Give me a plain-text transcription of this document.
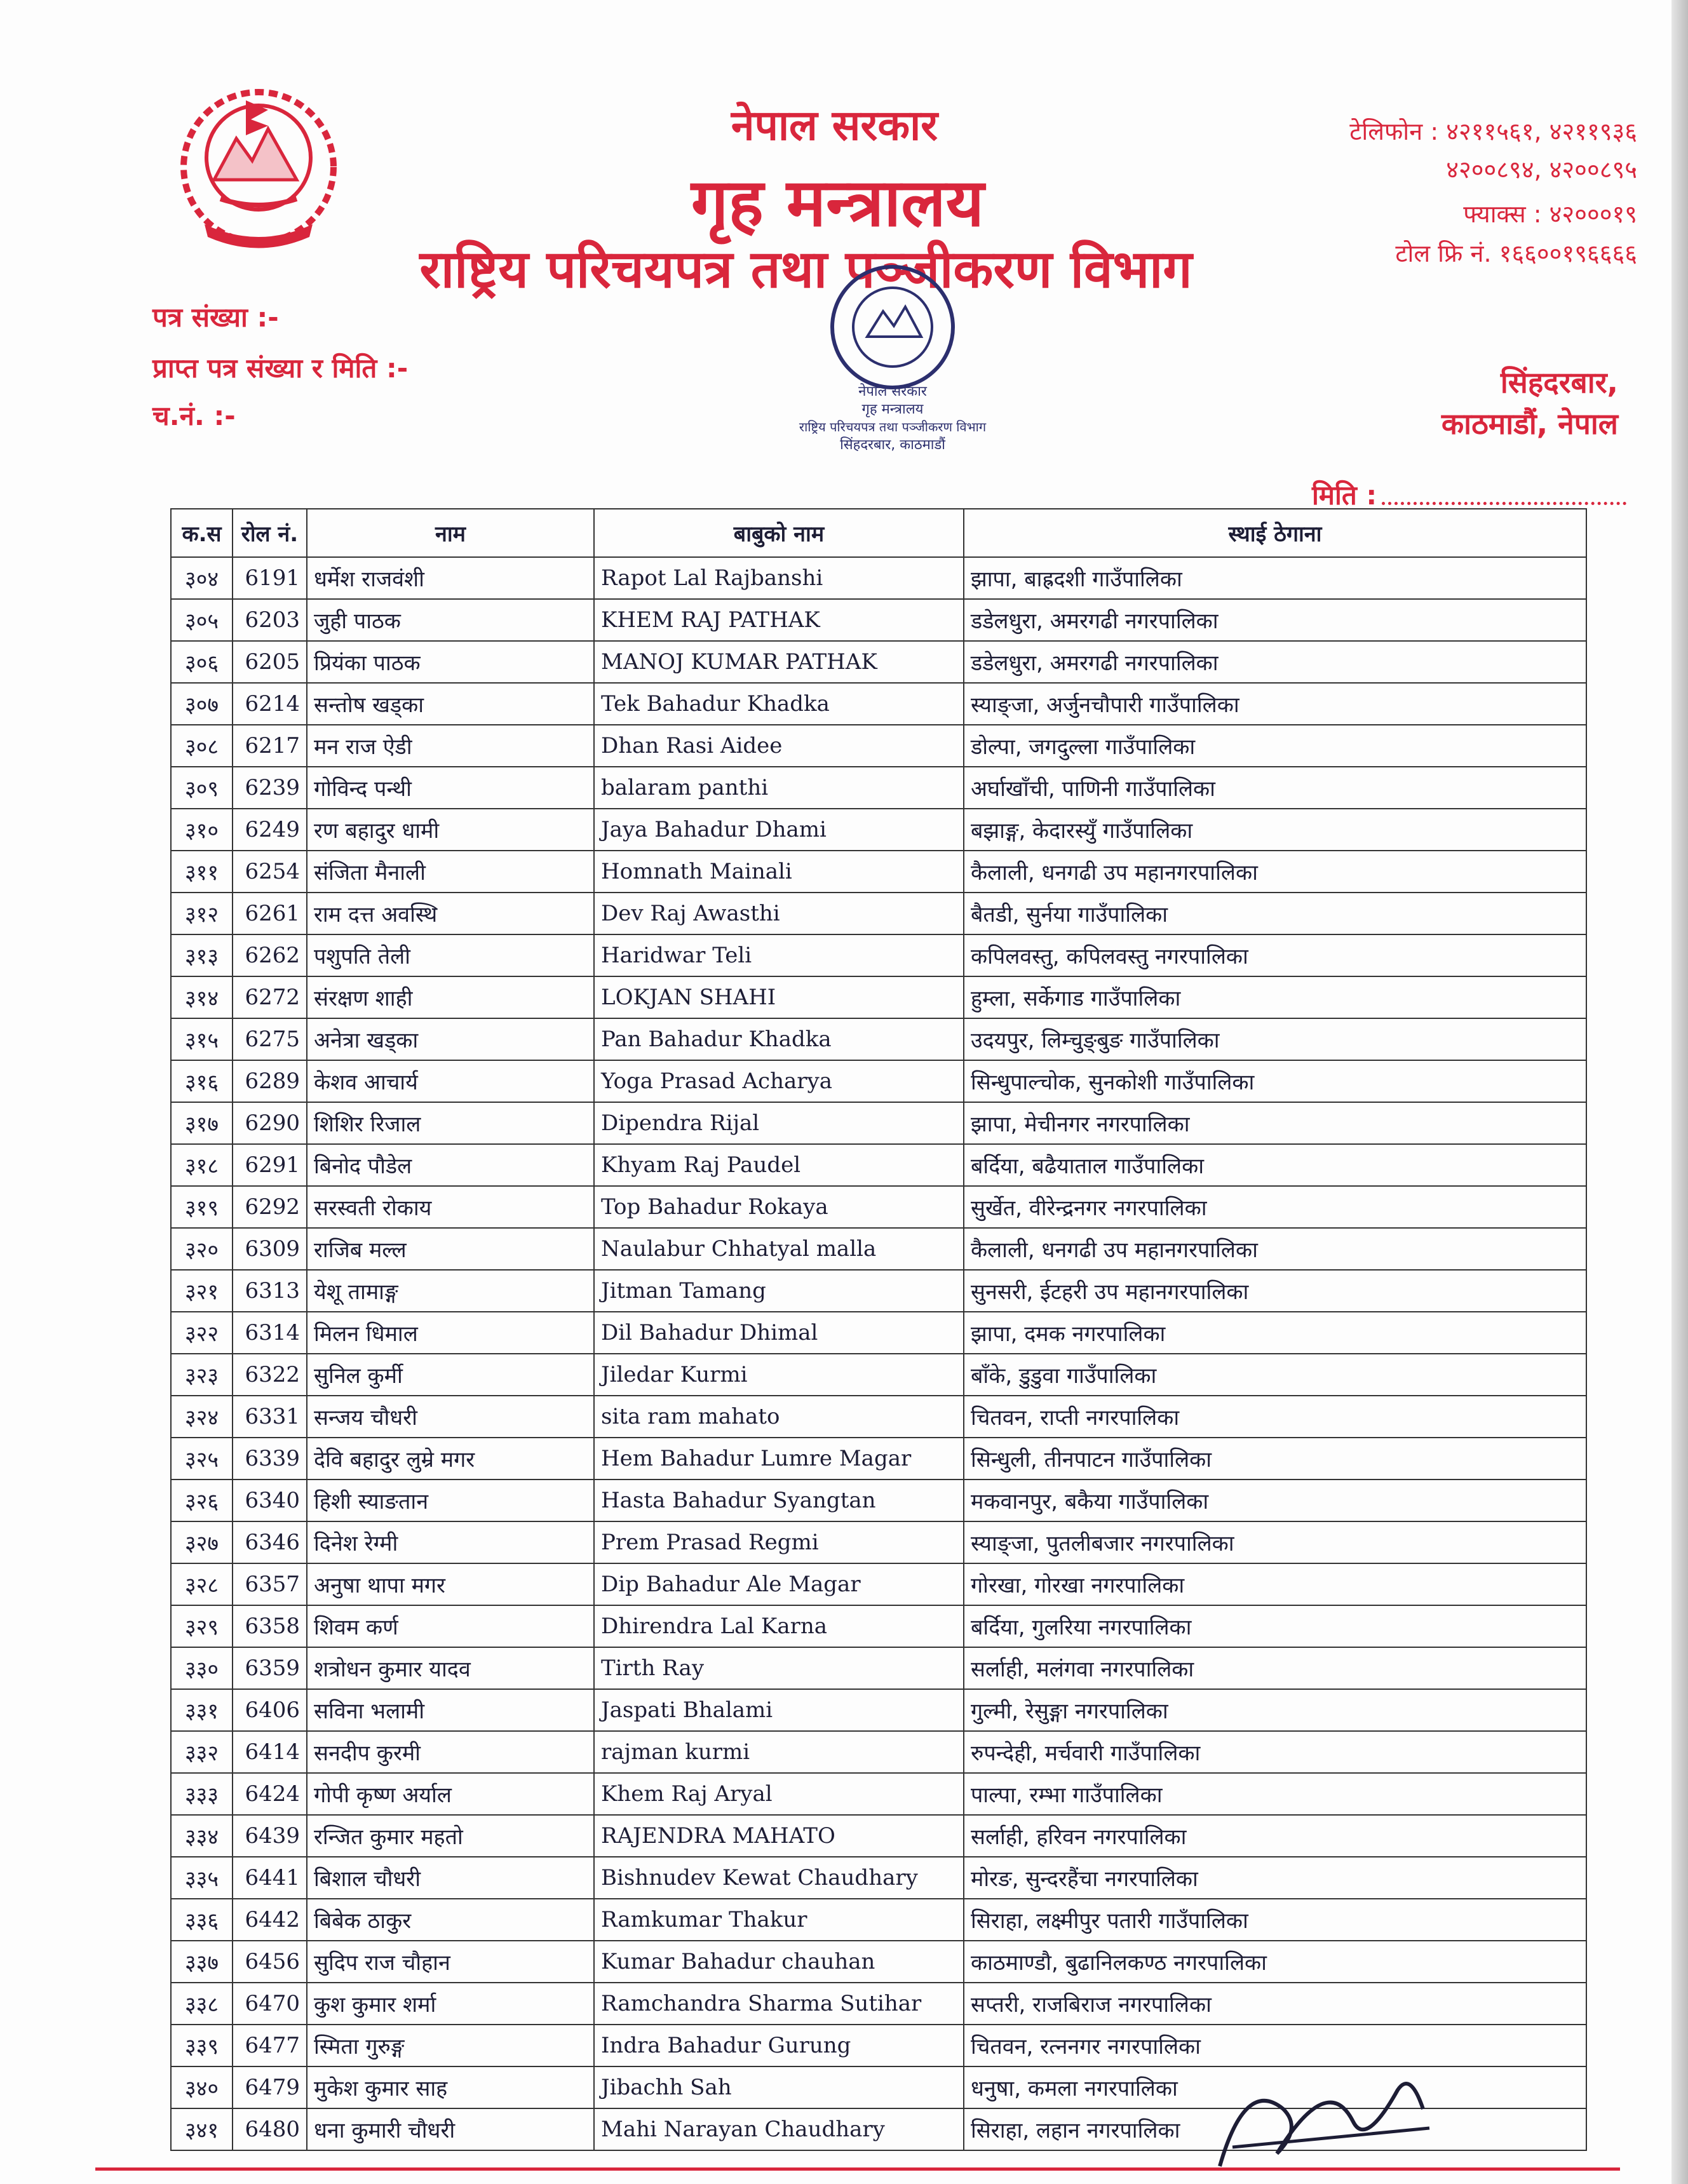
नेपाल सरकार
गृह मन्त्रालय
राष्ट्रिय परिचयपत्र तथा पञ्जीकरण विभाग
टेलिफोन : ४२११५६१, ४२११९३६
४२००८९४, ४२००८९५
फ्याक्स : ४२०००१९
टोल फ्रि नं. १६६००१९६६६६
पत्र संख्या :-
प्राप्त पत्र संख्या र मिति :-
च.नं. :-
नेपाल सरकार
गृह मन्त्रालय
राष्ट्रिय परिचयपत्र तथा पञ्जीकरण विभाग
सिंहदरबार, काठमाडौं
सिंहदरबार,
काठमाडौं, नेपाल
मिति :
क.स	रोल नं.	नाम	बाबुको नाम	स्थाई ठेगाना
३०४	6191	धर्मेश राजवंशी	Rapot Lal Rajbanshi	झापा, बाह्रदशी गाउँपालिका
३०५	6203	जुही पाठक	KHEM RAJ PATHAK	डडेलधुरा, अमरगढी नगरपालिका
३०६	6205	प्रियंका पाठक	MANOJ KUMAR PATHAK	डडेलधुरा, अमरगढी नगरपालिका
३०७	6214	सन्तोष खड्का	Tek Bahadur Khadka	स्याङ्जा, अर्जुनचौपारी गाउँपालिका
३०८	6217	मन राज ऐडी	Dhan Rasi Aidee	डोल्पा, जगदुल्ला गाउँपालिका
३०९	6239	गोविन्द पन्थी	balaram panthi	अर्घाखाँची, पाणिनी गाउँपालिका
३१०	6249	रण बहादुर धामी	Jaya Bahadur Dhami	बझाङ्ग, केदारस्युँ गाउँपालिका
३११	6254	संजिता मैनाली	Homnath Mainali	कैलाली, धनगढी उप महानगरपालिका
३१२	6261	राम दत्त अवस्थि	Dev Raj Awasthi	बैतडी, सुर्नया गाउँपालिका
३१३	6262	पशुपति तेली	Haridwar Teli	कपिलवस्तु, कपिलवस्तु नगरपालिका
३१४	6272	संरक्षण शाही	LOKJAN SHAHI	हुम्ला, सर्केगाड गाउँपालिका
३१५	6275	अनेत्रा खड्का	Pan Bahadur Khadka	उदयपुर, लिम्चुङ्बुङ गाउँपालिका
३१६	6289	केशव आचार्य	Yoga Prasad Acharya	सिन्धुपाल्चोक, सुनकोशी गाउँपालिका
३१७	6290	शिशिर रिजाल	Dipendra Rijal	झापा, मेचीनगर नगरपालिका
३१८	6291	बिनोद पौडेल	Khyam Raj Paudel	बर्दिया, बढैयाताल गाउँपालिका
३१९	6292	सरस्वती रोकाय	Top Bahadur Rokaya	सुर्खेत, वीरेन्द्रनगर नगरपालिका
३२०	6309	राजिब मल्ल	Naulabur Chhatyal malla	कैलाली, धनगढी उप महानगरपालिका
३२१	6313	येशू तामाङ्ग	Jitman Tamang	सुनसरी, ईटहरी उप महानगरपालिका
३२२	6314	मिलन धिमाल	Dil Bahadur Dhimal	झापा, दमक नगरपालिका
३२३	6322	सुनिल कुर्मी	Jiledar Kurmi	बाँके, डुडुवा गाउँपालिका
३२४	6331	सन्जय चाैधरी	sita ram mahato	चितवन, राप्ती नगरपालिका
३२५	6339	देवि बहादुर लुम्रे मगर	Hem Bahadur Lumre Magar	सिन्धुली, तीनपाटन गाउँपालिका
३२६	6340	हिशी स्याङतान	Hasta Bahadur Syangtan	मकवानपुर, बकैया गाउँपालिका
३२७	6346	दिनेश रेग्मी	Prem Prasad Regmi	स्याङ्जा, पुतलीबजार नगरपालिका
३२८	6357	अनुषा थापा मगर	Dip Bahadur Ale Magar	गोरखा, गोरखा नगरपालिका
३२९	6358	शिवम कर्ण	Dhirendra Lal Karna	बर्दिया, गुलरिया नगरपालिका
३३०	6359	शत्रोधन कुमार यादव	Tirth Ray	सर्लाही, मलंगवा नगरपालिका
३३१	6406	सविना भलामी	Jaspati Bhalami	गुल्मी, रेसुङ्गा नगरपालिका
३३२	6414	सनदीप कुरमी	rajman kurmi	रुपन्देही, मर्चवारी गाउँपालिका
३३३	6424	गोपी कृष्ण अर्याल	Khem Raj Aryal	पाल्पा, रम्भा गाउँपालिका
३३४	6439	रन्जित कुमार महतो	RAJENDRA MAHATO	सर्लाही, हरिवन नगरपालिका
३३५	6441	बिशाल चौधरी	Bishnudev Kewat Chaudhary	मोरङ, सुन्दरहैंचा नगरपालिका
३३६	6442	बिबेक ठाकुर	Ramkumar Thakur	सिराहा, लक्ष्मीपुर पतारी गाउँपालिका
३३७	6456	सुदिप राज चौहान	Kumar Bahadur chauhan	काठमाण्डौ, बुढानिलकण्ठ नगरपालिका
३३८	6470	कुश कुमार शर्मा	Ramchandra Sharma Sutihar	सप्तरी, राजबिराज नगरपालिका
३३९	6477	स्मिता गुरुङ्ग	Indra Bahadur Gurung	चितवन, रत्ननगर नगरपालिका
३४०	6479	मुकेश कुमार साह	Jibachh Sah	धनुषा, कमला नगरपालिका
३४१	6480	धना कुमारी चाैधरी	Mahi Narayan Chaudhary	सिराहा, लहान नगरपालिका
